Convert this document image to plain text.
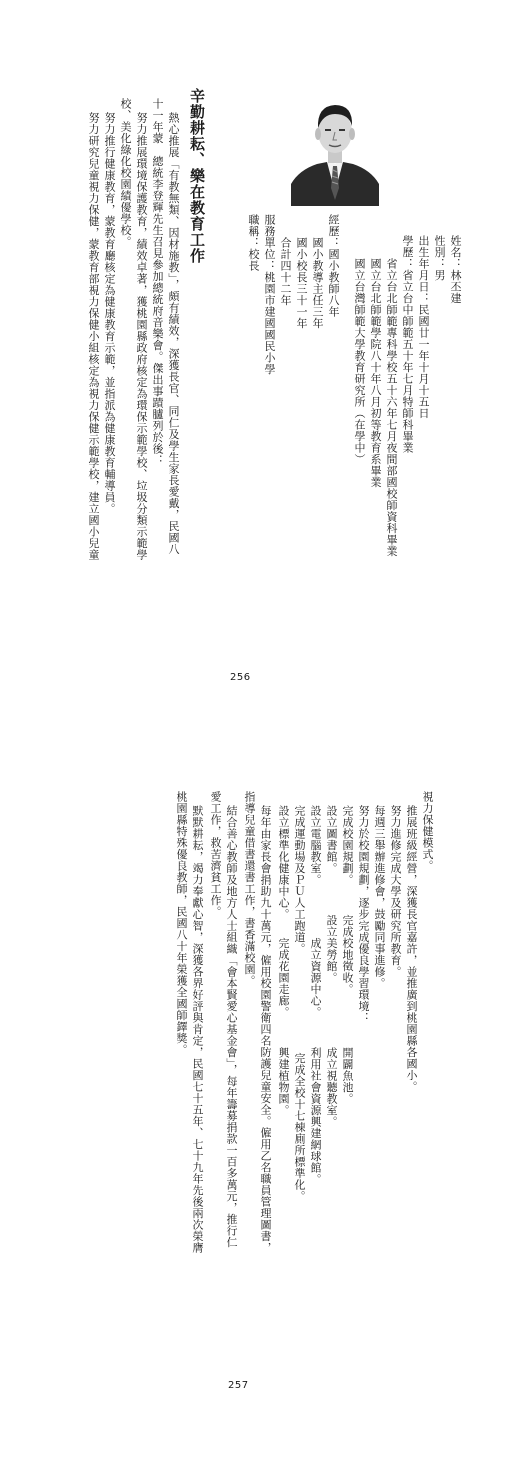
姓名：林丕建
性別：男
出生年月日：民國廿一年十月十五日
學歷：省立台中師範五十年七月特師科畢業
　　省立台北師範專科學校五十六年七月夜間部國校師資科畢業
　　國立台北師範學院八十年八月初等教育系畢業
　　國立台灣師範大學教育研究所（在學中）
經歷：國小教師八年
　　國小教導主任三年
　　國小校長三十一年
　　合計四十二年
服務單位：桃園市建國國民小學
職稱：校長
辛勤耕耘、樂在教育工作
熱心推展「有教無類、因材施教」，頗有績效，深獲長官、同仁及學生家長愛戴，民國八
十一年蒙　總統李登輝先生召見參加總統府音樂會。傑出事蹟臚列於後：
努力推展環境保護教育，績效卓著，獲桃園縣政府核定為環保示範學校、垃圾分類示範學
校、美化綠化校園績優學校。
努力推行健康教育，蒙教育廳核定為健康教育示範，並指派為健康教育輔導員。
努力研究兒童視力保健，蒙教育部視力保健小組核定為視力保健示範學校，建立國小兒童
256
視力保健模式。
推展班級經營，深獲長官嘉許，並推廣到桃園縣各國小。
努力進修完成大學及研究所教育。
每週三舉辦進修會，鼓勵同事進修。
努力於校園規劃，逐步完成優良學習環境：
完成校園規劃。　　　完成校地徵收。　　　　　開闢魚池。
設立圖書館。　　　　設立美勞館。　　　　　　成立視聽教室。
設立電腦教室。　　　　　成立資源中心。　　　利用社會資源興建網球館。
完成運動場及ＰＵ人工跑道。　　　　　　　　　完成全校十七棟廁所標準化。
設立標準化健康中心。　　完成花園走廊。　　　興建植物園。
每年由家長會捐助九十萬元，僱用校園警衛四名防護兒童安全。僱用乙名職員管理圖書，
指導兒童借書還書工作，書香滿校園。
結合善心教師及地方人士組織「會本賢愛心基金會」，每年籌募捐款一百多萬元，推行仁
愛工作，救苦濟貧工作。
默默耕耘，竭力奉獻心智，深獲各界好評與肯定，民國七十五年、七十九年先後兩次榮膺
桃園縣特殊優良教師，民國八十年榮獲全國師鐸獎。
257
